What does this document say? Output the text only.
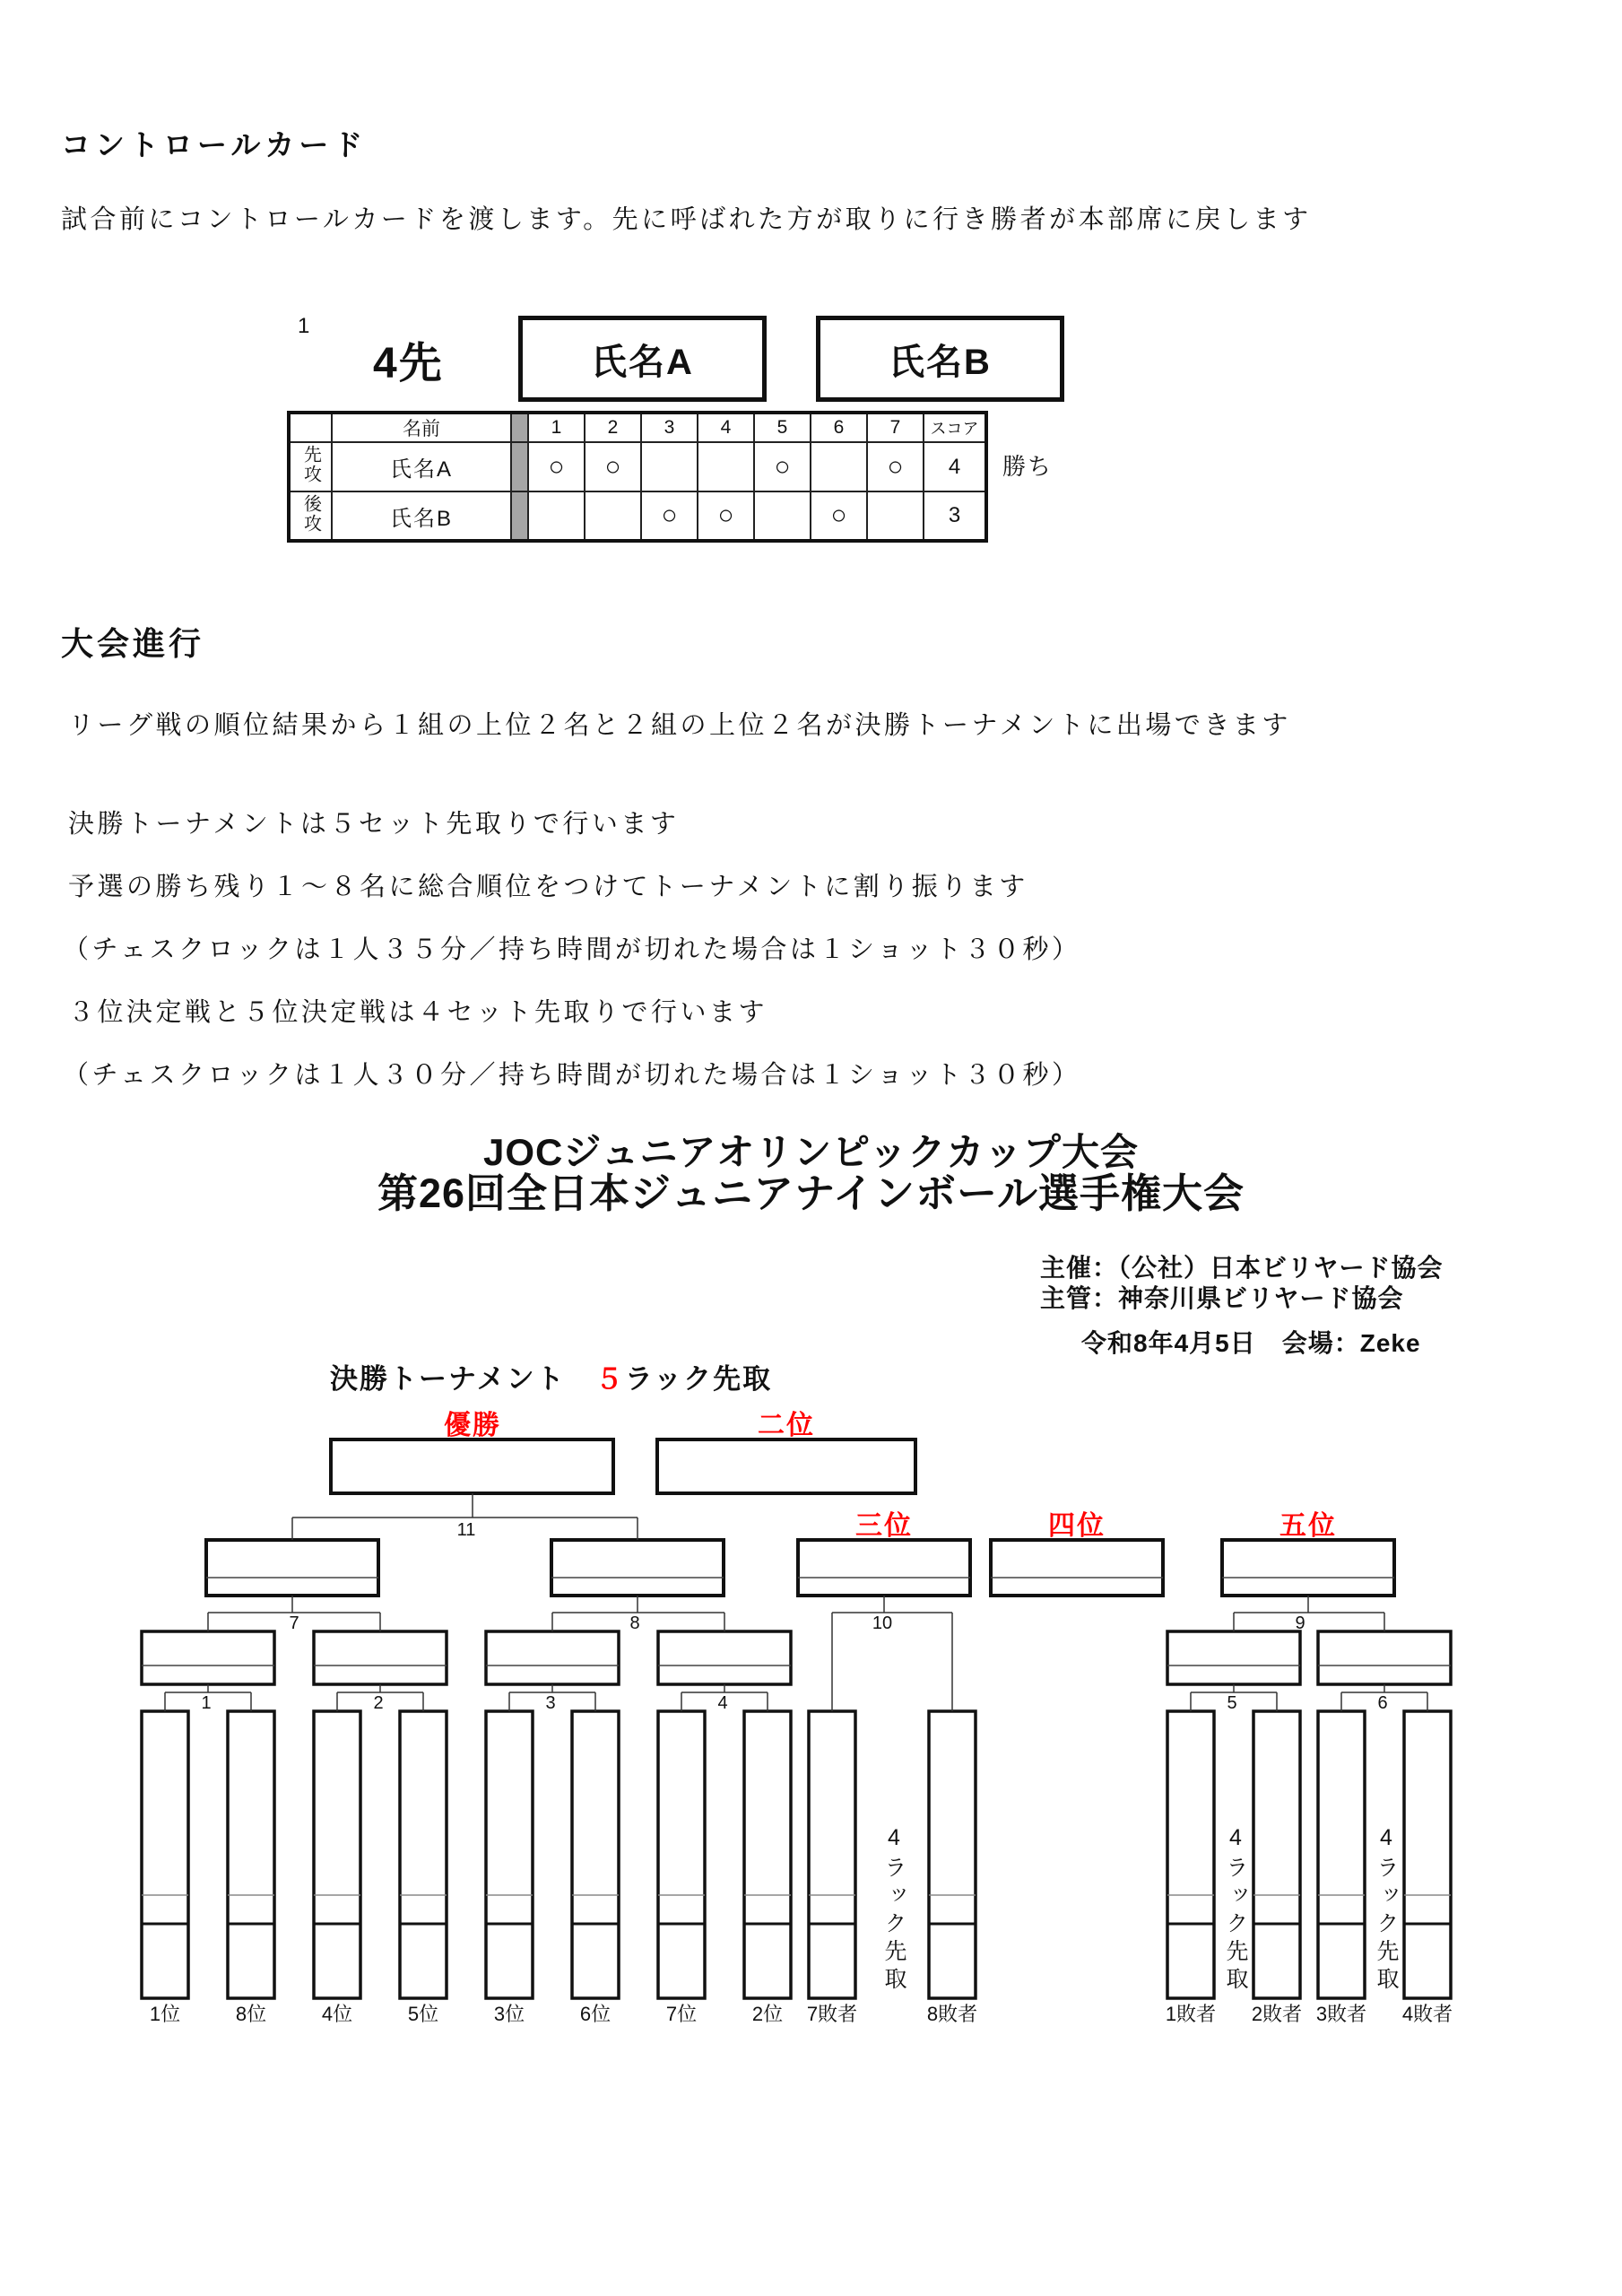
コントロールカード
試合前にコントロールカードを渡します。先に呼ばれた方が取りに行き勝者が本部席に戻します
1
4先	氏名A	氏名B
	名前		1	2	3	4	5	6	7	スコア
先攻	氏名A		○	○			○		○	4
後攻	氏名B				○	○		○		3
勝ち
大会進行
リーグ戦の順位結果から１組の上位２名と２組の上位２名が決勝トーナメントに出場できます
決勝トーナメントは５セット先取りで行います
予選の勝ち残り１～８名に総合順位をつけてトーナメントに割り振ります
（チェスクロックは１人３５分／持ち時間が切れた場合は１ショット３０秒）
３位決定戦と５位決定戦は４セット先取りで行います
（チェスクロックは１人３０分／持ち時間が切れた場合は１ショット３０秒）
JOCジュニアオリンピックカップ大会
第26回全日本ジュニアナインボール選手権大会
主催：（公社）日本ビリヤード協会
主管：神奈川県ビリヤード協会
令和8年4月5日　会場：Zeke
決勝トーナメント　５ラック先取
優勝	二位
三位	四位	五位
11
7	8	10	9
1	2	3	4	5	6
1位	8位	4位	5位	3位	6位	7位	2位 7敗者	8敗者	1敗者 2敗者 3敗者 4敗者
4ラック先取	4ラック先取	4ラック先取
